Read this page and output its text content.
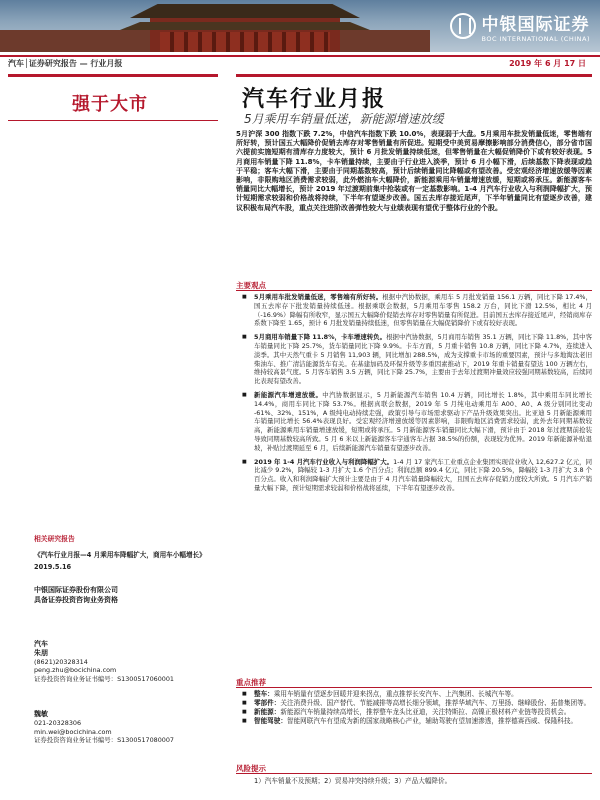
中银国际证券
BOC INTERNATIONAL (CHINA)
汽车│证券研究报告 — 行业月报	2019 年 6 月 17 日
强于大市	汽车行业月报
5月乘用车销量低迷，新能源增速放缓

5月沪深 300 指数下跌 7.2%，中信汽车指数下跌 10.0%，表现弱于大盘。5月乘用车批发销量低迷，零售端有所好转，预计国五大幅降价促销去库存对零售销量有所促进。短期受中美贸易摩擦影响部分消费信心，部分省市国六提前实施短期有清库存力度较大，预计 6 月批发销量持续低迷，但零售销量在大幅促销降价下或有较好表现。5 月商用车销量下降 11.8%，卡车销量持续，主要由于行业进入淡季，预计 6 月小幅下滑，后续基数下降表现或趋于平稳；客车大幅下滑，主要由于同期基数较高，预计后续销量同比降幅或有望改善。受宏观经济增速放缓等因素影响，非限购地区消费需求较弱，此外燃油车大幅降价，新能源乘用车销量增速放缓，短期或将承压。新能源客车销量同比大幅增长，预计 2019 年过渡期前集中抢装或有一定基数影响。1-4 月汽车行业收入与利润降幅扩大，预计短期需求较弱和价格战将持续，下半年有望逐步改善。国五去库存接近尾声，下半年销量同比有望逐步改善，建议积极布局汽车股，重点关注进阶改善弹性较大与业绩表现有望优于整体行业的个股。

主要观点
■ 5月乘用车批发销量低迷，零售端有所好转。根据中汽协数据，乘用车 5 月批发销量 156.1 万辆，同比下降 17.4%，国五去库存下批发销量持续低迷。根据乘联会数据，5月乘用车零售 158.2 万台，同比下滑 12.5%，相比 4 月（-16.9%）降幅有所收窄，显示国五大幅降价促销去库存对零售销量有所促进。目前国五去库存接近尾声，经销商库存系数下降至 1.65，预计 6 月批发销量持续低迷，但零售销量在大幅促销降价下或有较好表现。
■ 5月商用车销量下降 11.8%，卡车增速转负。根据中汽协数据，5月商用车销售 35.1 万辆，同比下降 11.8%，其中客车销量同比下降 25.7%，货车销量同比下降 9.9%。卡车方面，5 月重卡销售 10.8 万辆，同比下降 4.7%，连续进入淡季。其中天然气重卡 5 月销售 11,903 辆，同比增加 288.5%，成为支撑重卡市场的重要因素，预计与多地淘汰老旧柴油车、推广清洁能源货车有关。在基建加码及环保升级等多重因素推动下，2019 年重卡销量有望达 100 万辆左右，维持较高景气度。5 月客车销售 3.5 万辆，同比下降 25.7%，主要由于去年过渡期冲量效应较强同期基数较高，后续同比表现有望改善。
■ 新能源汽车增速放缓。中汽协数据显示，5 月新能源汽车销售 10.4 万辆，同比增长 1.8%，其中乘用车同比增长 14.4%，商用车同比下降 53.7%。根据真联会数据，2019 年 5 月纯电动乘用车 A00、A0、A 级分别同比变动 -61%、32%、151%，A 级纯电动持续走强，政策引导与市场需求驱动下产品升级效果突出。比亚迪 5 月新能源乘用车销量同比增长 56.4%表现良好。受宏观经济增速放缓等因素影响，非限购地区消费需求较弱，此外去年同期基数较高，新能源乘用车销量增速放缓，短期或将承压。5 月新能源客车销量同比大幅下滑，预计由于 2018 年过渡期前抢装导致同期基数较高所致。5 月 6 米以上新能源客车宇通客车占据 38.5%的份额，表现较为优异。2019 年新能源补贴退坡，补贴过渡期延至 6 月，后续新能源汽车销量有望逐步改善。
■ 2019 年 1-4 月汽车行业收入与利润降幅扩大。1-4 月 17 家汽车工业重点企业集团实现营业收入 12,627.2 亿元，同比减少 9.2%，降幅较 1-3 月扩大 1.6 个百分点；利润总额 899.4 亿元，同比下降 20.5%，降幅较 1-3 月扩大 3.8 个百分点。收入和利润降幅扩大预计主要是由于 4 月汽车销量降幅较大，且国五去库存促销力度较大所致。5 月汽车产销量大幅下降，预计短期需求较弱和价格战将延续，下半年有望逐步改善。
重点推荐
■ 整车：乘用车销量有望逐步回暖并迎来拐点，重点推荐长安汽车、上汽集团、长城汽车等。
■ 零部件：关注消费升级、国产替代、节能减排等高增长细分领域，推荐华域汽车、万里扬、继峰股份、拓普集团等。
■ 新能源：新能源汽车销量持续高增长，推荐整车龙头比亚迪，关注特斯拉、高镍正极材料产业链等投资机会。
■ 智能驾驶：智能网联汽车有望成为新的国家战略核心产业，辅助驾驶有望加速渗透，推荐德赛西威、保隆科技。
风险提示
1）汽车销量不及预期；2）贸易冲突持续升级；3）产品大幅降价。
相关研究报告
《汽车行业月报—4 月乘用车降幅扩大，商用车小幅增长》2019.5.16
中银国际证券股份有限公司
具备证券投资咨询业务资格
汽车
朱朋
(8621)20328314
peng.zhu@bocichina.com
证券投资咨询业务证书编号：S1300517060001
魏敏
021-20328306
min.wei@bocichina.com
证券投资咨询业务证书编号：S1300517080007
